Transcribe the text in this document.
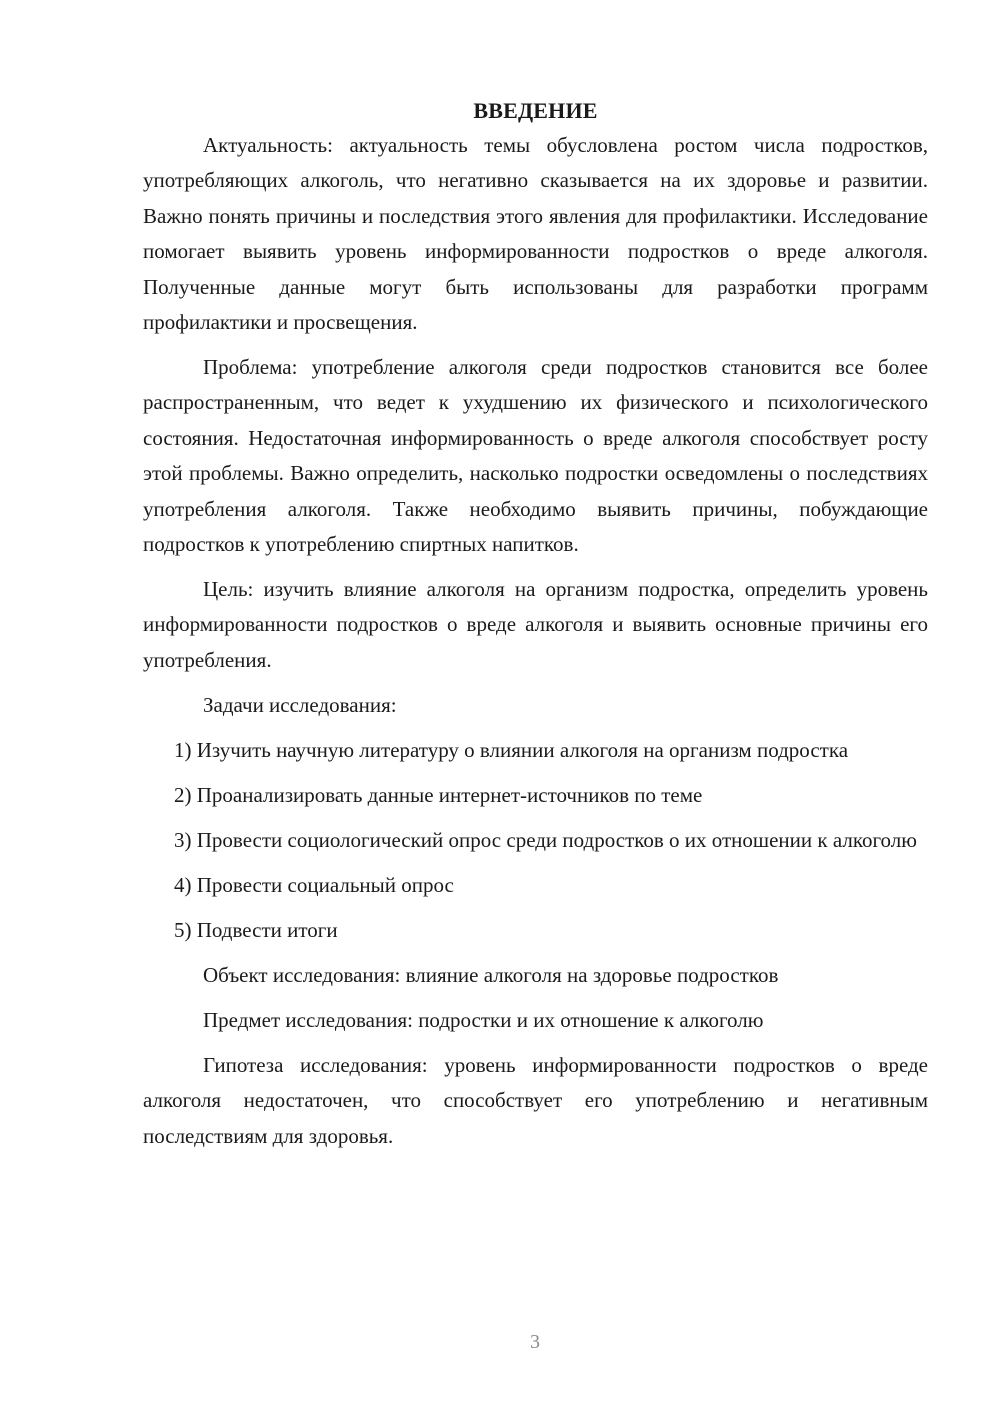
ВВЕДЕНИЕ

Актуальность: актуальность темы обусловлена ростом числа подростков, употребляющих алкоголь, что негативно сказывается на их здоровье и развитии. Важно понять причины и последствия этого явления для профилактики. Исследование помогает выявить уровень информированности подростков о вреде алкоголя. Полученные данные могут быть использованы для разработки программ профилактики и просвещения.

Проблема: употребление алкоголя среди подростков становится все более распространенным, что ведет к ухудшению их физического и психологического состояния. Недостаточная информированность о вреде алкоголя способствует росту этой проблемы. Важно определить, насколько подростки осведомлены о последствиях употребления алкоголя. Также необходимо выявить причины, побуждающие подростков к употреблению спиртных напитков.

Цель: изучить влияние алкоголя на организм подростка, определить уровень информированности подростков о вреде алкоголя и выявить основные причины его употребления.

Задачи исследования:

1) Изучить научную литературу о влиянии алкоголя на организм подростка

2) Проанализировать данные интернет-источников по теме

3) Провести социологический опрос среди подростков о их отношении к алкоголю

4) Провести социальный опрос

5) Подвести итоги

Объект исследования: влияние алкоголя на здоровье подростков

Предмет исследования: подростки и их отношение к алкоголю

Гипотеза исследования: уровень информированности подростков о вреде алкоголя недостаточен, что способствует его употреблению и негативным последствиям для здоровья.

3
